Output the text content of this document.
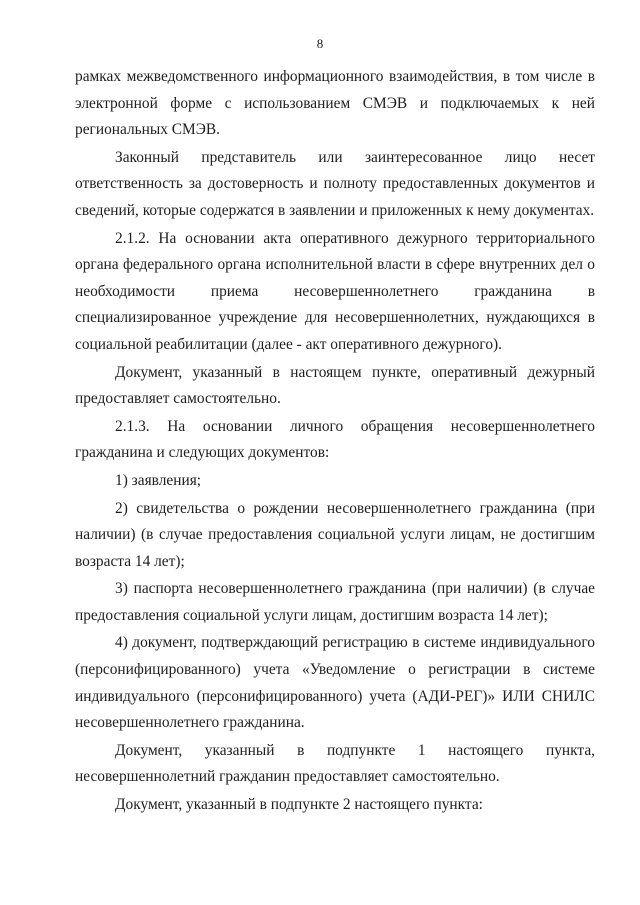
8

рамках межведомственного информационного взаимодействия, в том числе в электронной форме с использованием СМЭВ и подключаемых к ней региональных СМЭВ.

Законный представитель или заинтересованное лицо несет ответственность за достоверность и полноту предоставленных документов и сведений, которые содержатся в заявлении и приложенных к нему документах.

2.1.2. На основании акта оперативного дежурного территориального органа федерального органа исполнительной власти в сфере внутренних дел о необходимости приема несовершеннолетнего гражданина в специализированное учреждение для несовершеннолетних, нуждающихся в социальной реабилитации (далее - акт оперативного дежурного).

Документ, указанный в настоящем пункте, оперативный дежурный предоставляет самостоятельно.

2.1.3. На основании личного обращения несовершеннолетнего гражданина и следующих документов:

1) заявления;

2) свидетельства о рождении несовершеннолетнего гражданина (при наличии) (в случае предоставления социальной услуги лицам, не достигшим возраста 14 лет);

3) паспорта несовершеннолетнего гражданина (при наличии) (в случае предоставления социальной услуги лицам, достигшим возраста 14 лет);

4) документ, подтверждающий регистрацию в системе индивидуального (персонифицированного) учета «Уведомление о регистрации в системе индивидуального (персонифицированного) учета (АДИ-РЕГ)» ИЛИ СНИЛС несовершеннолетнего гражданина.

Документ, указанный в подпункте 1 настоящего пункта, несовершеннолетний гражданин предоставляет самостоятельно.

Документ, указанный в подпункте 2 настоящего пункта:
